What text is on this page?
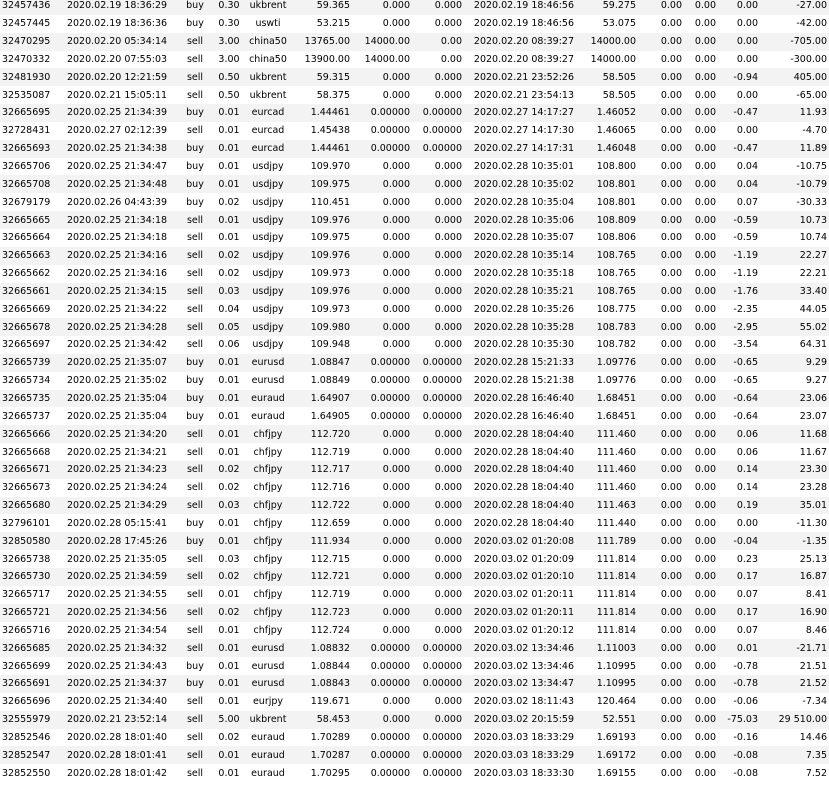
32457436	2020.02.19 18:36:29	buy	0.30	ukbrent	59.365	0.000	0.000	2020.02.19 18:46:56	59.275	0.00	0.00	0.00	-27.00
32457445	2020.02.19 18:36:36	buy	0.30	uswti	53.215	0.000	0.000	2020.02.19 18:46:56	53.075	0.00	0.00	0.00	-42.00
32470295	2020.02.20 05:34:14	sell	3.00	china50	13765.00	14000.00	0.00	2020.02.20 08:39:27	14000.00	0.00	0.00	0.00	-705.00
32470332	2020.02.20 07:55:03	sell	3.00	china50	13900.00	14000.00	0.00	2020.02.20 08:39:27	14000.00	0.00	0.00	0.00	-300.00
32481930	2020.02.20 12:21:59	sell	0.50	ukbrent	59.315	0.000	0.000	2020.02.21 23:52:26	58.505	0.00	0.00	-0.94	405.00
32535087	2020.02.21 15:05:11	sell	0.50	ukbrent	58.375	0.000	0.000	2020.02.21 23:54:13	58.505	0.00	0.00	0.00	-65.00
32665695	2020.02.25 21:34:39	buy	0.01	eurcad	1.44461	0.00000	0.00000	2020.02.27 14:17:27	1.46052	0.00	0.00	-0.47	11.93
32728431	2020.02.27 02:12:39	sell	0.01	eurcad	1.45438	0.00000	0.00000	2020.02.27 14:17:30	1.46065	0.00	0.00	0.00	-4.70
32665693	2020.02.25 21:34:38	buy	0.01	eurcad	1.44461	0.00000	0.00000	2020.02.27 14:17:31	1.46048	0.00	0.00	-0.47	11.89
32665706	2020.02.25 21:34:47	buy	0.01	usdjpy	109.970	0.000	0.000	2020.02.28 10:35:01	108.800	0.00	0.00	0.04	-10.75
32665708	2020.02.25 21:34:48	buy	0.01	usdjpy	109.975	0.000	0.000	2020.02.28 10:35:02	108.801	0.00	0.00	0.04	-10.79
32679179	2020.02.26 04:43:39	buy	0.02	usdjpy	110.451	0.000	0.000	2020.02.28 10:35:04	108.801	0.00	0.00	0.07	-30.33
32665665	2020.02.25 21:34:18	sell	0.01	usdjpy	109.976	0.000	0.000	2020.02.28 10:35:06	108.809	0.00	0.00	-0.59	10.73
32665664	2020.02.25 21:34:18	sell	0.01	usdjpy	109.975	0.000	0.000	2020.02.28 10:35:07	108.806	0.00	0.00	-0.59	10.74
32665663	2020.02.25 21:34:16	sell	0.02	usdjpy	109.976	0.000	0.000	2020.02.28 10:35:14	108.765	0.00	0.00	-1.19	22.27
32665662	2020.02.25 21:34:16	sell	0.02	usdjpy	109.973	0.000	0.000	2020.02.28 10:35:18	108.765	0.00	0.00	-1.19	22.21
32665661	2020.02.25 21:34:15	sell	0.03	usdjpy	109.976	0.000	0.000	2020.02.28 10:35:21	108.765	0.00	0.00	-1.76	33.40
32665669	2020.02.25 21:34:22	sell	0.04	usdjpy	109.973	0.000	0.000	2020.02.28 10:35:26	108.775	0.00	0.00	-2.35	44.05
32665678	2020.02.25 21:34:28	sell	0.05	usdjpy	109.980	0.000	0.000	2020.02.28 10:35:28	108.783	0.00	0.00	-2.95	55.02
32665697	2020.02.25 21:34:42	sell	0.06	usdjpy	109.948	0.000	0.000	2020.02.28 10:35:30	108.782	0.00	0.00	-3.54	64.31
32665739	2020.02.25 21:35:07	buy	0.01	eurusd	1.08847	0.00000	0.00000	2020.02.28 15:21:33	1.09776	0.00	0.00	-0.65	9.29
32665734	2020.02.25 21:35:02	buy	0.01	eurusd	1.08849	0.00000	0.00000	2020.02.28 15:21:38	1.09776	0.00	0.00	-0.65	9.27
32665735	2020.02.25 21:35:04	buy	0.01	euraud	1.64907	0.00000	0.00000	2020.02.28 16:46:40	1.68451	0.00	0.00	-0.64	23.06
32665737	2020.02.25 21:35:04	buy	0.01	euraud	1.64905	0.00000	0.00000	2020.02.28 16:46:40	1.68451	0.00	0.00	-0.64	23.07
32665666	2020.02.25 21:34:20	sell	0.01	chfjpy	112.720	0.000	0.000	2020.02.28 18:04:40	111.460	0.00	0.00	0.06	11.68
32665668	2020.02.25 21:34:21	sell	0.01	chfjpy	112.719	0.000	0.000	2020.02.28 18:04:40	111.460	0.00	0.00	0.06	11.67
32665671	2020.02.25 21:34:23	sell	0.02	chfjpy	112.717	0.000	0.000	2020.02.28 18:04:40	111.460	0.00	0.00	0.14	23.30
32665673	2020.02.25 21:34:24	sell	0.02	chfjpy	112.716	0.000	0.000	2020.02.28 18:04:40	111.460	0.00	0.00	0.14	23.28
32665680	2020.02.25 21:34:29	sell	0.03	chfjpy	112.722	0.000	0.000	2020.02.28 18:04:40	111.463	0.00	0.00	0.19	35.01
32796101	2020.02.28 05:15:41	buy	0.01	chfjpy	112.659	0.000	0.000	2020.02.28 18:04:40	111.440	0.00	0.00	0.00	-11.30
32850580	2020.02.28 17:45:26	buy	0.01	chfjpy	111.934	0.000	0.000	2020.03.02 01:20:08	111.789	0.00	0.00	-0.04	-1.35
32665738	2020.02.25 21:35:05	sell	0.03	chfjpy	112.715	0.000	0.000	2020.03.02 01:20:09	111.814	0.00	0.00	0.23	25.13
32665730	2020.02.25 21:34:59	sell	0.02	chfjpy	112.721	0.000	0.000	2020.03.02 01:20:10	111.814	0.00	0.00	0.17	16.87
32665717	2020.02.25 21:34:55	sell	0.01	chfjpy	112.719	0.000	0.000	2020.03.02 01:20:11	111.814	0.00	0.00	0.07	8.41
32665721	2020.02.25 21:34:56	sell	0.02	chfjpy	112.723	0.000	0.000	2020.03.02 01:20:11	111.814	0.00	0.00	0.17	16.90
32665716	2020.02.25 21:34:54	sell	0.01	chfjpy	112.724	0.000	0.000	2020.03.02 01:20:12	111.814	0.00	0.00	0.07	8.46
32665685	2020.02.25 21:34:32	sell	0.01	eurusd	1.08832	0.00000	0.00000	2020.03.02 13:34:46	1.11003	0.00	0.00	0.01	-21.71
32665699	2020.02.25 21:34:43	buy	0.01	eurusd	1.08844	0.00000	0.00000	2020.03.02 13:34:46	1.10995	0.00	0.00	-0.78	21.51
32665691	2020.02.25 21:34:37	buy	0.01	eurusd	1.08843	0.00000	0.00000	2020.03.02 13:34:47	1.10995	0.00	0.00	-0.78	21.52
32665696	2020.02.25 21:34:40	sell	0.01	eurjpy	119.671	0.000	0.000	2020.03.02 18:11:43	120.464	0.00	0.00	-0.06	-7.34
32555979	2020.02.21 23:52:14	sell	5.00	ukbrent	58.453	0.000	0.000	2020.03.02 20:15:59	52.551	0.00	0.00	-75.03	29 510.00
32852546	2020.02.28 18:01:40	sell	0.02	euraud	1.70289	0.00000	0.00000	2020.03.03 18:33:29	1.69193	0.00	0.00	-0.16	14.46
32852547	2020.02.28 18:01:41	sell	0.01	euraud	1.70287	0.00000	0.00000	2020.03.03 18:33:29	1.69172	0.00	0.00	-0.08	7.35
32852550	2020.02.28 18:01:42	sell	0.01	euraud	1.70295	0.00000	0.00000	2020.03.03 18:33:30	1.69155	0.00	0.00	-0.08	7.52
